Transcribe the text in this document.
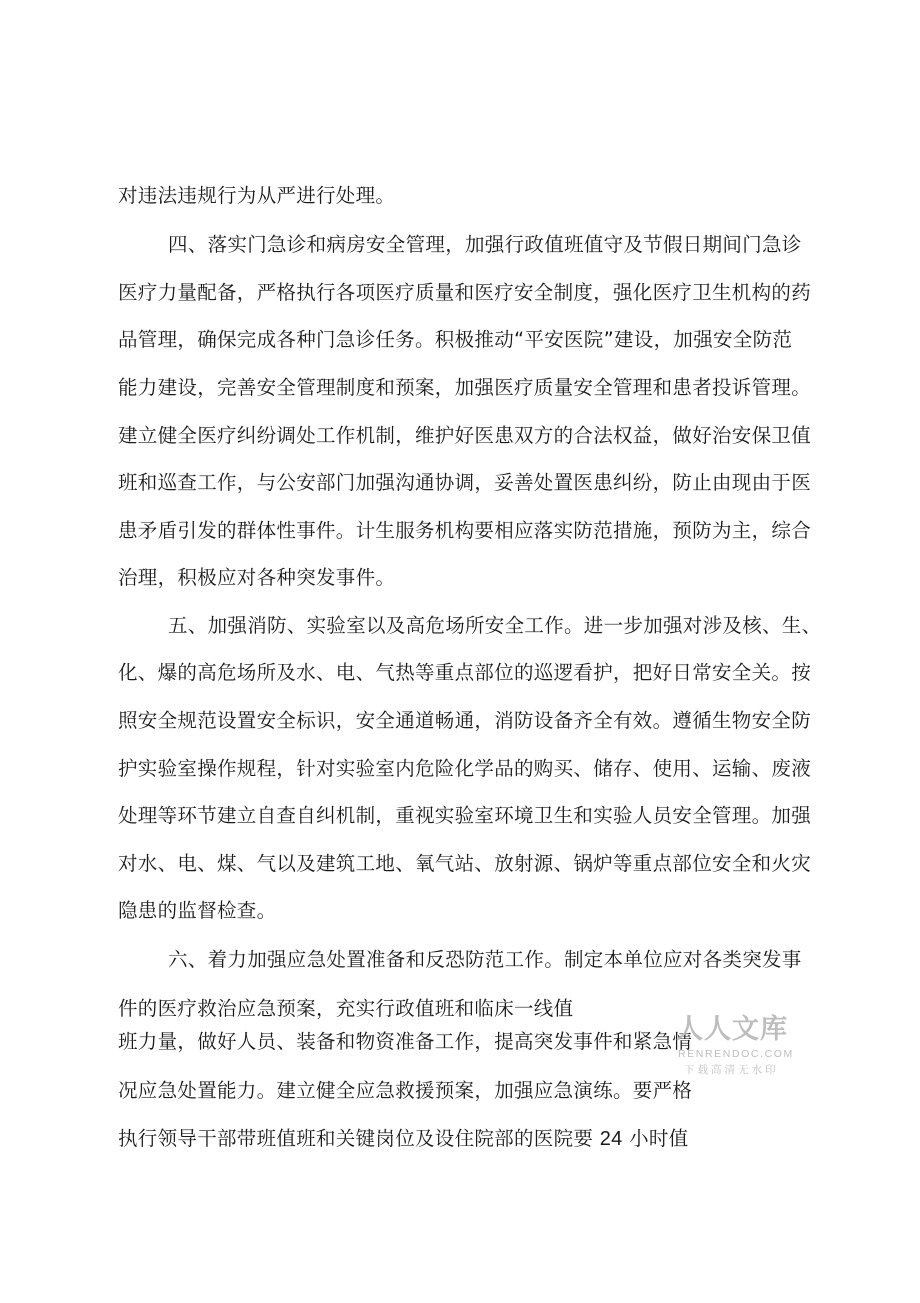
对违法违规行为从严进行处理。
四、落实门急诊和病房安全管理，加强行政值班值守及节假日期间门急诊
医疗力量配备，严格执行各项医疗质量和医疗安全制度，强化医疗卫生机构的药
品管理，确保完成各种门急诊任务。积极推动“平安医院”建设，加强安全防范
能力建设，完善安全管理制度和预案，加强医疗质量安全管理和患者投诉管理。
建立健全医疗纠纷调处工作机制，维护好医患双方的合法权益，做好治安保卫值
班和巡查工作，与公安部门加强沟通协调，妥善处置医患纠纷，防止由现由于医
患矛盾引发的群体性事件。计生服务机构要相应落实防范措施，预防为主，综合
治理，积极应对各种突发事件。
五、加强消防、实验室以及高危场所安全工作。进一步加强对涉及核、生、
化、爆的高危场所及水、电、气热等重点部位的巡逻看护，把好日常安全关。按
照安全规范设置安全标识，安全通道畅通，消防设备齐全有效。遵循生物安全防
护实验室操作规程，针对实验室内危险化学品的购买、储存、使用、运输、废液
处理等环节建立自查自纠机制，重视实验室环境卫生和实验人员安全管理。加强
对水、电、煤、气以及建筑工地、氧气站、放射源、锅炉等重点部位安全和火灾
隐患的监督检查。
六、着力加强应急处置准备和反恐防范工作。制定本单位应对各类突发事
件的医疗救治应急预案，充实行政值班和临床一线值
班力量，做好人员、装备和物资准备工作，提高突发事件和紧急情
况应急处置能力。建立健全应急救援预案，加强应急演练。要严格
执行领导干部带班值班和关键岗位及设住院部的医院要 24 小时值
人人文库
RENRENDOC.COM
下载高清无水印
